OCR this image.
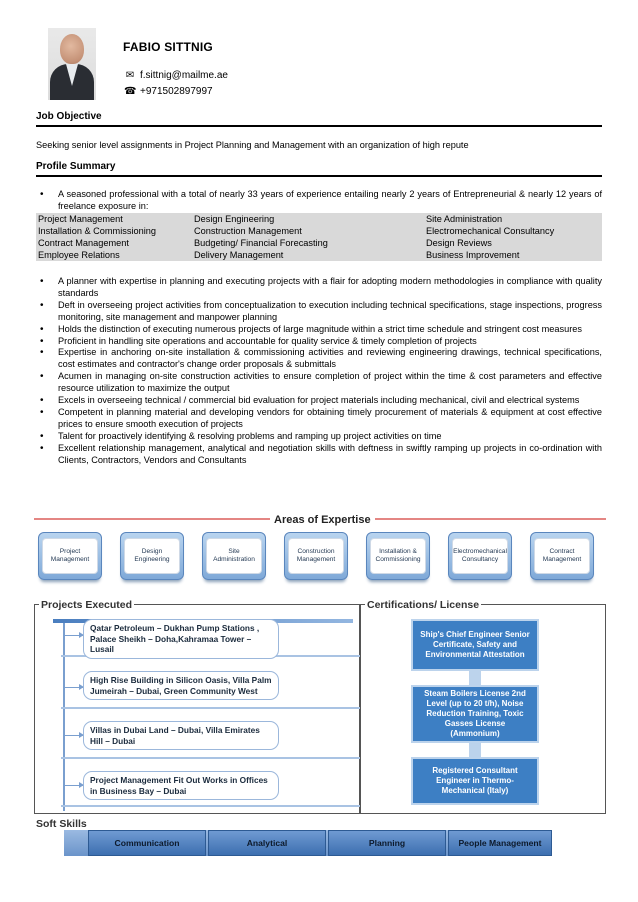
FABIO SITTNIG
✉ f.sittnig@mailme.ae
☎ +971502897997
Job Objective
Seeking senior level assignments in Project Planning and Management with an organization of high repute
Profile Summary
• A seasoned professional with a total of nearly 33 years of experience entailing nearly 2 years of Entrepreneurial & nearly 12 years of freelance exposure in:
Project Management	Design Engineering	Site Administration
Installation & Commissioning	Construction Management	Electromechanical Consultancy
Contract Management	Budgeting/ Financial Forecasting	Design Reviews
Employee Relations	Delivery Management	Business Improvement
• A planner with expertise in planning and executing projects with a flair for adopting modern methodologies in compliance with quality standards
• Deft in overseeing project activities from conceptualization to execution including technical specifications, stage inspections, progress monitoring, site management and manpower planning
• Holds the distinction of executing numerous projects of large magnitude within a strict time schedule and stringent cost measures
• Proficient in handling site operations and accountable for quality service & timely completion of projects
• Expertise in anchoring on-site installation & commissioning activities and reviewing engineering drawings, technical specifications, cost estimates and contractor's change order proposals & submittals
• Acumen in managing on-site construction activities to ensure completion of project within the time & cost parameters and effective resource utilization to maximize the output
• Excels in overseeing technical / commercial bid evaluation for project materials including mechanical, civil and electrical systems
• Competent in planning material and developing vendors for obtaining timely procurement of materials & equipment at cost effective prices to ensure smooth execution of projects
• Talent for proactively identifying & resolving problems and ramping up project activities on time
• Excellent relationship management, analytical and negotiation skills with deftness in swiftly ramping up projects in co-ordination with Clients, Contractors, Vendors and Consultants
Areas of Expertise
Project Management
Design Engineering
Site Administration
Construction Management
Installation & Commissioning
Electromechanical Consultancy
Contract Management
Projects Executed
Qatar Petroleum – Dukhan Pump Stations , Palace Sheikh – Doha,Kahramaa Tower – Lusail
High Rise Building in Silicon Oasis, Villa Palm Jumeirah – Dubai, Green Community West
Villas in Dubai Land – Dubai, Villa Emirates Hill – Dubai
Project Management Fit Out Works in Offices in Business Bay – Dubai
Certifications/ License
Ship's Chief Engineer Senior Certificate, Safety and Environmental Attestation
Steam Boilers License 2nd Level (up to 20 t/h), Noise Reduction Training, Toxic Gasses License (Ammonium)
Registered Consultant Engineer in Thermo-Mechanical (Italy)
Soft Skills
Communication	Analytical	Planning	People Management
